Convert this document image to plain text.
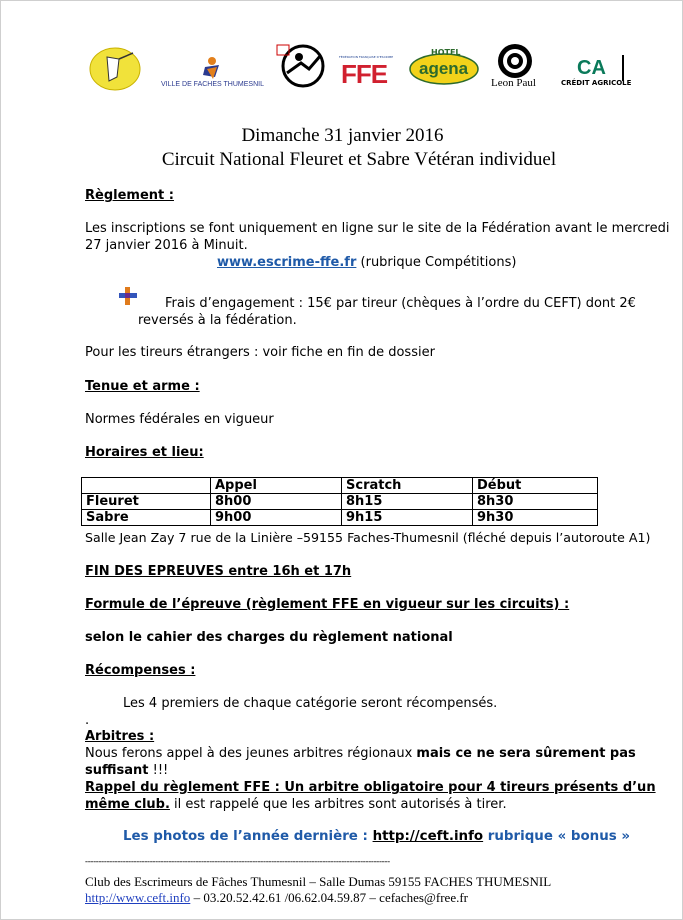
VILLE DE FACHES THUMESNIL
FÉDÉRATION FRANÇAISE D'ESCRIME
FFE
HOTEL
agena
Leon Paul
CA
CRÉDIT AGRICOLE
Dimanche 31 janvier 2016
Circuit National Fleuret et Sabre Vétéran individuel
Règlement :
Les inscriptions se font uniquement en ligne sur le site de la Fédération avant le mercredi
27 janvier 2016 à Minuit.
www.escrime-ffe.fr (rubrique Compétitions)
Frais d’engagement : 15€ par tireur (chèques à l’ordre du CEFT) dont 2€
reversés à la fédération.
Pour les tireurs étrangers : voir fiche en fin de dossier
Tenue et arme :
Normes fédérales en vigueur
Horaires et lieu:
	Appel	Scratch	Début
Fleuret	8h00	8h15	8h30
Sabre	9h00	9h15	9h30
Salle Jean Zay 7 rue de la Linière –59155 Faches-Thumesnil (fléché depuis l’autoroute A1)
FIN DES EPREUVES entre 16h et 17h
Formule de l’épreuve (règlement FFE en vigueur sur les circuits) :
selon le cahier des charges du règlement national
Récompenses :
Les 4 premiers de chaque catégorie seront récompensés.
.
Arbitres :
Nous ferons appel à des jeunes arbitres régionaux mais ce ne sera sûrement pas
suffisant !!!
Rappel du règlement FFE : Un arbitre obligatoire pour 4 tireurs présents d’un
même club. il est rappelé que les arbitres sont autorisés à tirer.
Les photos de l’année dernière : http://ceft.info rubrique « bonus »
-----------------------------------------------------------------------------------------------------------------
Club des Escrimeurs de Fâches Thumesnil – Salle Dumas 59155 FACHES THUMESNIL
http://www.ceft.info – 03.20.52.42.61 /06.62.04.59.87 – cefaches@free.fr
